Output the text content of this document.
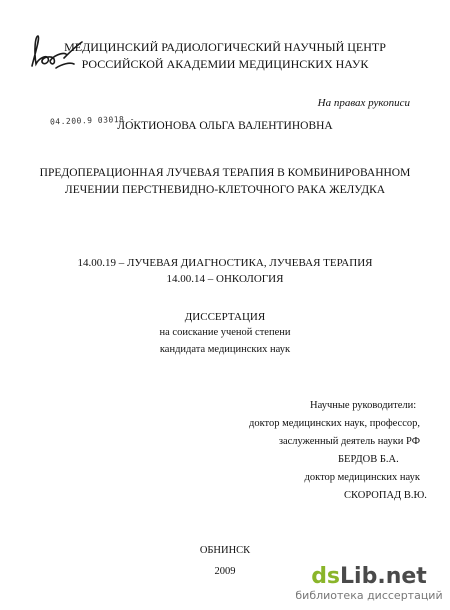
МЕДИЦИНСКИЙ РАДИОЛОГИЧЕСКИЙ НАУЧНЫЙ ЦЕНТР
РОССИЙСКОЙ АКАДЕМИИ МЕДИЦИНСКИХ НАУК
На правах рукописи
04.200.9 03018 -
ЛОКТИОНОВА ОЛЬГА ВАЛЕНТИНОВНА
ПРЕДОПЕРАЦИОННАЯ ЛУЧЕВАЯ ТЕРАПИЯ В КОМБИНИРОВАННОМ
ЛЕЧЕНИИ ПЕРСТНЕВИДНО-КЛЕТОЧНОГО РАКА ЖЕЛУДКА
14.00.19 – ЛУЧЕВАЯ ДИАГНОСТИКА, ЛУЧЕВАЯ ТЕРАПИЯ
14.00.14 – ОНКОЛОГИЯ
ДИССЕРТАЦИЯ
на соискание ученой степени
кандидата медицинских наук
Научные руководители:
доктор медицинских наук, профессор,
заслуженный деятель науки РФ
БЕРДОВ Б.А.
доктор медицинских наук
СКОРОПАД В.Ю.
ОБНИНСК
2009	dsLib.net
библиотека диссертаций
